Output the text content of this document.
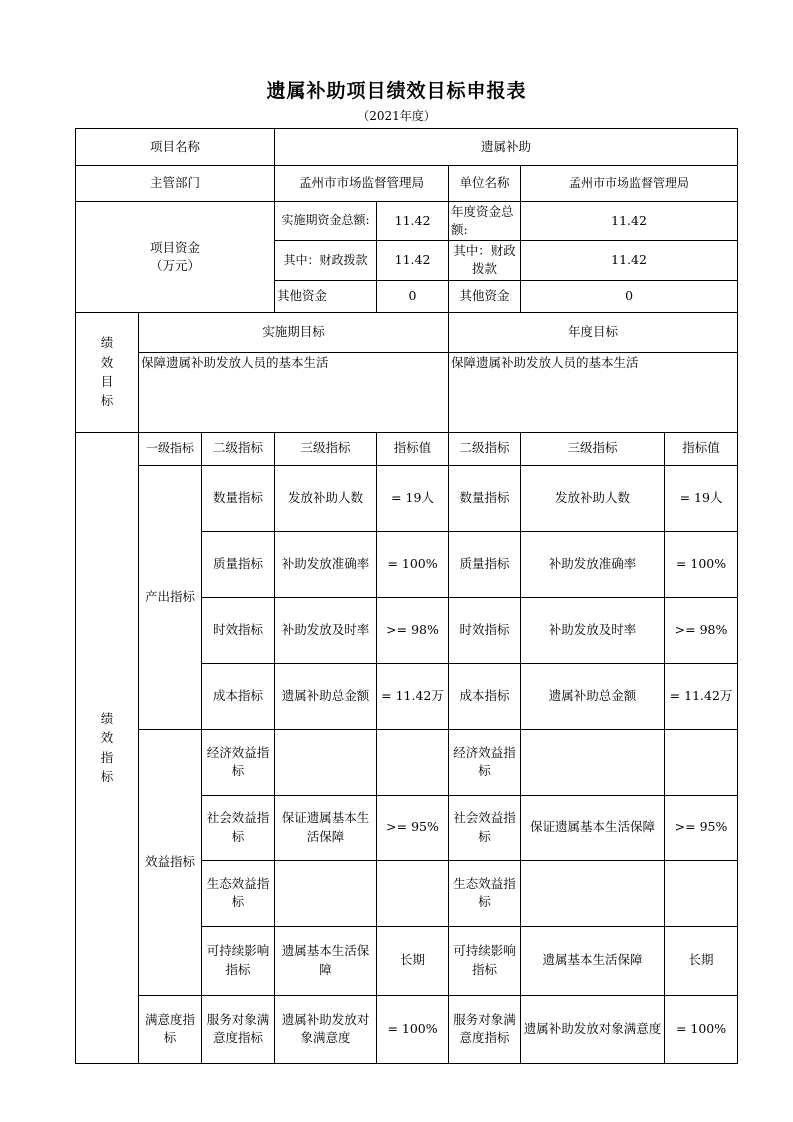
遗属补助项目绩效目标申报表
（2021年度）
项目名称			遗属补助				
主管部门			孟州市市场监督管理局		单位名称	孟州市市场监督管理局	

项目资金
（万元）			实施期资金总额:	11.42	年度资金总额:	11.42	
			其中：财政拨款	11.42	其中：财政拨款	11.42	
			其他资金	0	其他资金	0	

绩效目标	实施期目标				年度目标		
	保障遗属补助发放人员的基本生活				保障遗属补助发放人员的基本生活		

绩效指标	一级指标	二级指标	三级指标	指标值	二级指标	三级指标	指标值
	产出指标	数量指标	发放补助人数	= 19人	数量指标	发放补助人数	= 19人
		质量指标	补助发放准确率	= 100%	质量指标	补助发放准确率	= 100%
		时效指标	补助发放及时率	>= 98%	时效指标	补助发放及时率	>= 98%
		成本指标	遗属补助总金额	= 11.42万	成本指标	遗属补助总金额	= 11.42万
	效益指标	经济效益指标			经济效益指标		
		社会效益指标	保证遗属基本生活保障	>= 95%	社会效益指标	保证遗属基本生活保障	>= 95%
		生态效益指标			生态效益指标		
		可持续影响指标	遗属基本生活保障	长期	可持续影响指标	遗属基本生活保障	长期
	满意度指标	服务对象满意度指标	遗属补助发放对象满意度	= 100%	服务对象满意度指标	遗属补助发放对象满意度	= 100%
